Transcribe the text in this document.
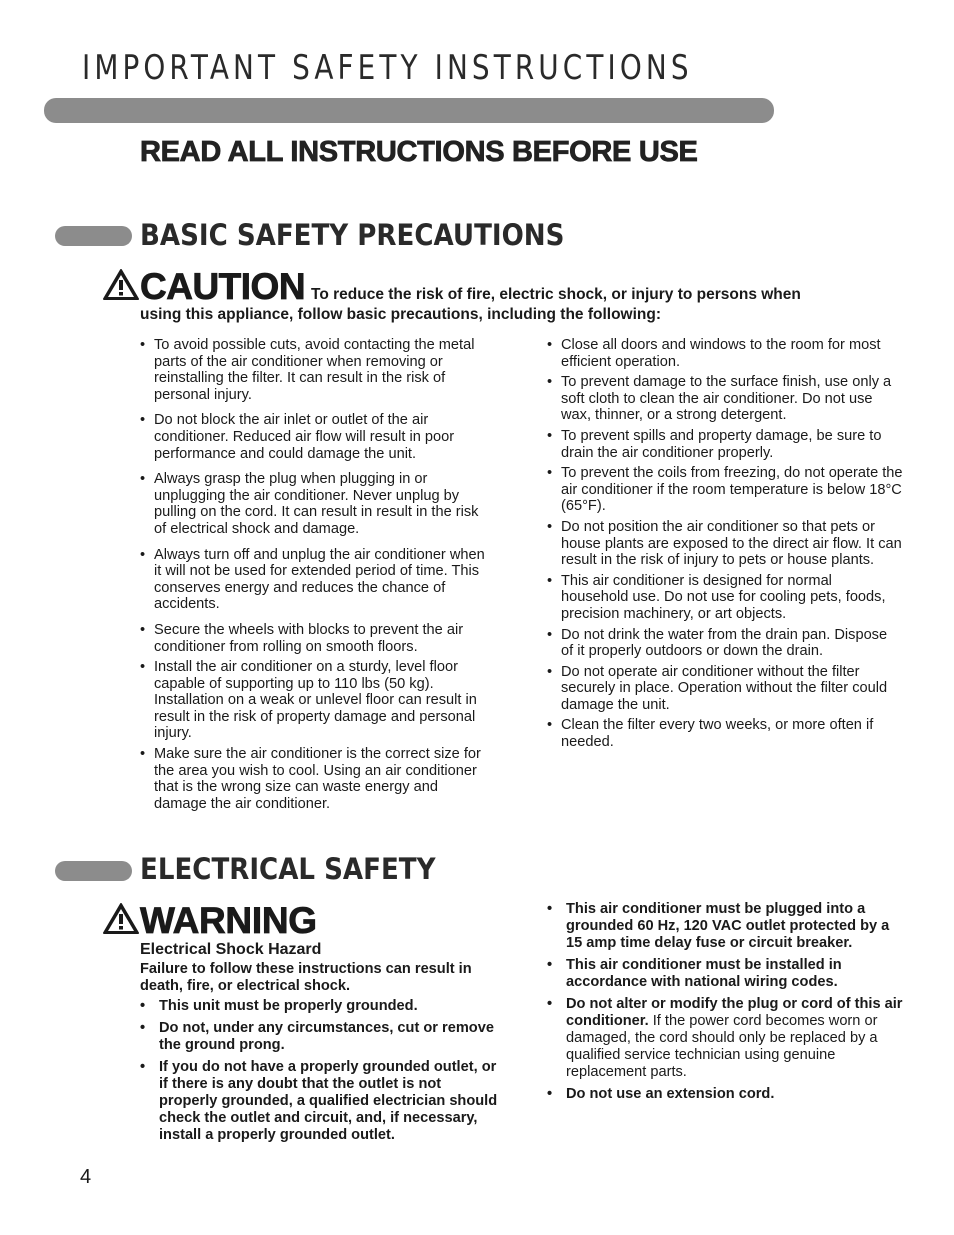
IMPORTANT SAFETY INSTRUCTIONS
READ ALL INSTRUCTIONS BEFORE USE
BASIC SAFETY PRECAUTIONS
CAUTION To reduce the risk of fire, electric shock, or injury to persons when
using this appliance, follow basic precautions, including the following:
• To avoid possible cuts, avoid contacting the metal parts of the air conditioner when removing or reinstalling the filter. It can result in the risk of personal injury.
• Do not block the air inlet or outlet of the air conditioner. Reduced air flow will result in poor performance and could damage the unit.
• Always grasp the plug when plugging in or unplugging the air conditioner. Never unplug by pulling on the cord. It can result in result in the risk of electrical shock and damage.
• Always turn off and unplug the air conditioner when it will not be used for extended period of time. This conserves energy and reduces the chance of accidents.
• Secure the wheels with blocks to prevent the air conditioner from rolling on smooth floors.
• Install the air conditioner on a sturdy, level floor capable of supporting up to 110 lbs (50 kg). Installation on a weak or unlevel floor can result in result in the risk of property damage and personal injury.
• Make sure the air conditioner is the correct size for the area you wish to cool. Using an air conditioner that is the wrong size can waste energy and damage the air conditioner.
• Close all doors and windows to the room for most efficient operation.
• To prevent damage to the surface finish, use only a soft cloth to clean the air conditioner. Do not use wax, thinner, or a strong detergent.
• To prevent spills and property damage, be sure to drain the air conditioner properly.
• To prevent the coils from freezing, do not operate the air conditioner if the room temperature is below 18°C (65°F).
• Do not position the air conditioner so that pets or house plants are exposed to the direct air flow. It can result in the risk of injury to pets or house plants.
• This air conditioner is designed for normal household use. Do not use for cooling pets, foods, precision machinery, or art objects.
• Do not drink the water from the drain pan. Dispose of it properly outdoors or down the drain.
• Do not operate air conditioner without the filter securely in place. Operation without the filter could damage the unit.
• Clean the filter every two weeks, or more often if needed.
ELECTRICAL SAFETY
WARNING
Electrical Shock Hazard
Failure to follow these instructions can result in death, fire, or electrical shock.
• This unit must be properly grounded.
• Do not, under any circumstances, cut or remove the ground prong.
• If you do not have a properly grounded outlet, or if there is any doubt that the outlet is not properly grounded, a qualified electrician should check the outlet and circuit, and, if necessary, install a properly grounded outlet.
• This air conditioner must be plugged into a grounded 60 Hz, 120 VAC outlet protected by a 15 amp time delay fuse or circuit breaker.
• This air conditioner must be installed in accordance with national wiring codes.
• Do not alter or modify the plug or cord of this air conditioner. If the power cord becomes worn or damaged, the cord should only be replaced by a qualified service technician using genuine replacement parts.
• Do not use an extension cord.
4
